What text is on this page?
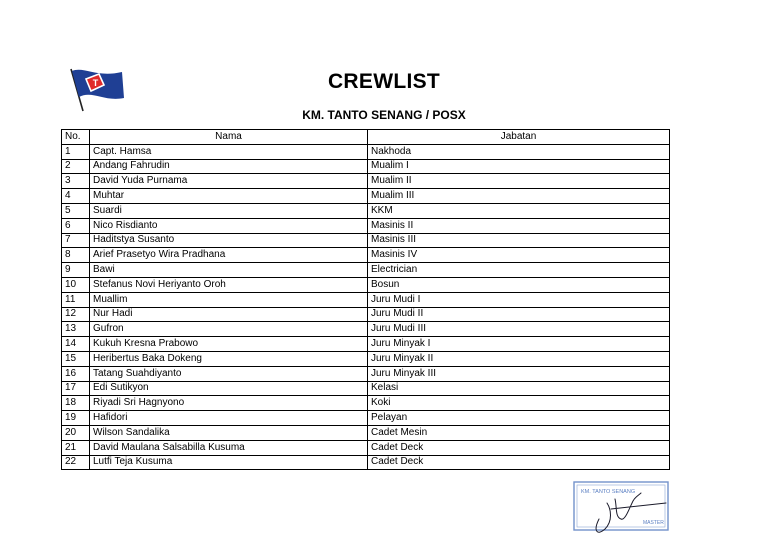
T	CREWLIST
KM. TANTO SENANG / POSX
No.	Nama	Jabatan
1	Capt. Hamsa	Nakhoda
2	Andang Fahrudin	Mualim I
3	David Yuda Purnama	Mualim II
4	Muhtar	Mualim III
5	Suardi	KKM
6	Nico Risdianto	Masinis II
7	Haditstya Susanto	Masinis III
8	Arief Prasetyo Wira Pradhana	Masinis IV
9	Bawi	Electrician
10	Stefanus Novi Heriyanto Oroh	Bosun
11	Muallim	Juru Mudi I
12	Nur Hadi	Juru Mudi II
13	Gufron	Juru Mudi III
14	Kukuh Kresna Prabowo	Juru Minyak I
15	Heribertus Baka Dokeng	Juru Minyak II
16	Tatang Suahdiyanto	Juru Minyak III
17	Edi Sutikyon	Kelasi
18	Riyadi Sri Hagnyono	Koki
19	Hafidori	Pelayan
20	Wilson Sandalika	Cadet Mesin
21	David Maulana Salsabilla Kusuma	Cadet Deck
22	Lutfi Teja Kusuma	Cadet Deck
KM. TANTO SENANG
MASTER
